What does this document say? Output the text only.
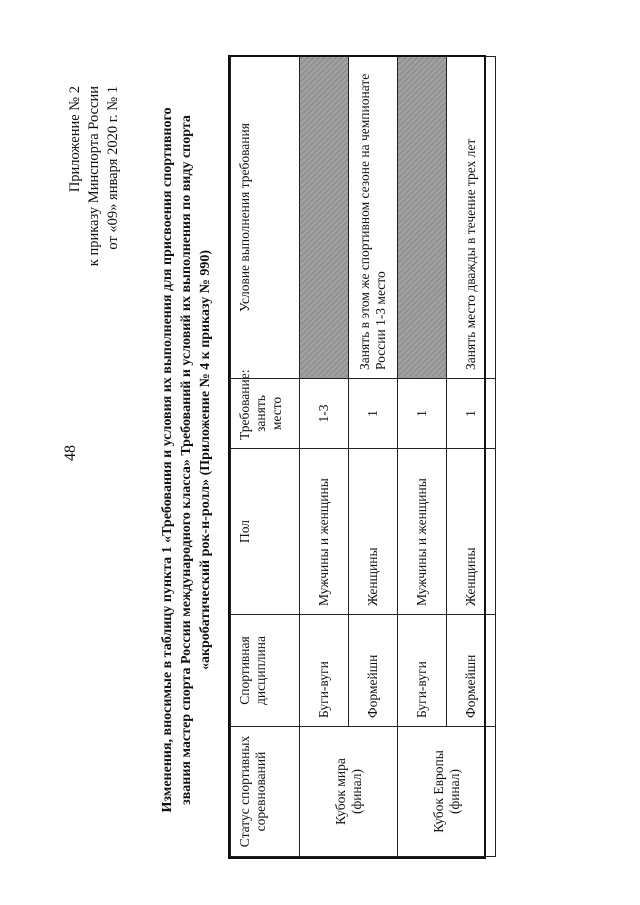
48
Приложение № 2 к приказу Минспорта России от «09» января 2020 г. № 1	Изменения, вносимые в таблицу пункта 1 «Требования и условия их выполнения для присвоения спортивного звания мастер спорта России международного класса» Требований и условий их выполнения по виду спорта «акробатический рок-н-ролл» (Приложение № 4 к приказу № 990)
Статус спортивных соревнований	Спортивная дисциплина	Пол	Требование: занять место	Условие выполнения требования
Кубок мира (финал)	Буги-вуги	Мужчины и женщины	1-3	
	Формейшн	Женщины	1	Занять в этом же спортивном сезоне на чемпионате России 1-3 место
Кубок Европы (финал)	Буги-вуги	Мужчины и женщины	1	
	Формейшн	Женщины	1	Занять место дважды в течение трех лет
